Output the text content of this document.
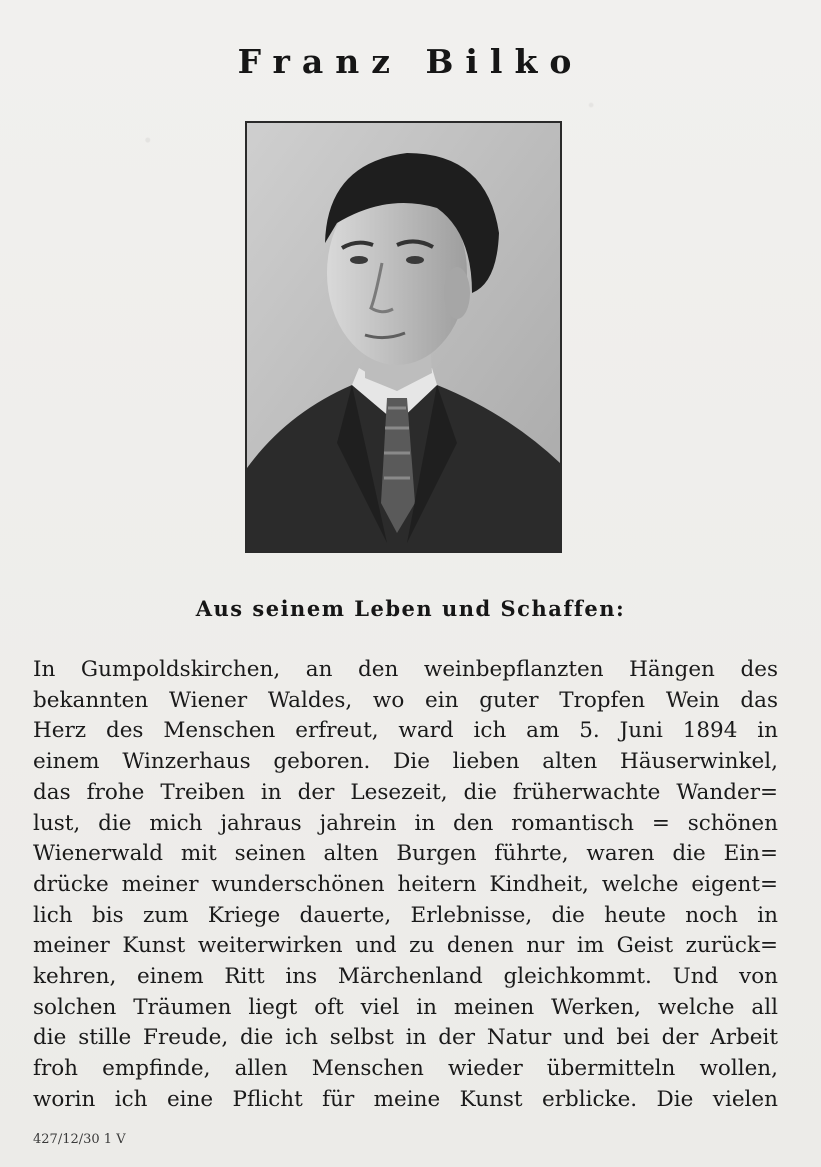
Franz Bilko
Aus seinem Leben und Schaffen:
In Gumpoldskirchen, an den weinbepflanzten Hängen des
bekannten Wiener Waldes, wo ein guter Tropfen Wein das
Herz des Menschen erfreut, ward ich am 5. Juni 1894 in
einem Winzerhaus geboren. Die lieben alten Häuserwinkel,
das frohe Treiben in der Lesezeit, die früherwachte Wander=
lust, die mich jahraus jahrein in den romantisch = schönen
Wienerwald mit seinen alten Burgen führte, waren die Ein=
drücke meiner wunderschönen heitern Kindheit, welche eigent=
lich bis zum Kriege dauerte, Erlebnisse, die heute noch in
meiner Kunst weiterwirken und zu denen nur im Geist zurück=
kehren, einem Ritt ins Märchenland gleichkommt. Und von
solchen Träumen liegt oft viel in meinen Werken, welche all
die stille Freude, die ich selbst in der Natur und bei der Arbeit
froh empfinde, allen Menschen wieder übermitteln wollen,
worin ich eine Pflicht für meine Kunst erblicke. Die vielen
427/12/30 1 V
